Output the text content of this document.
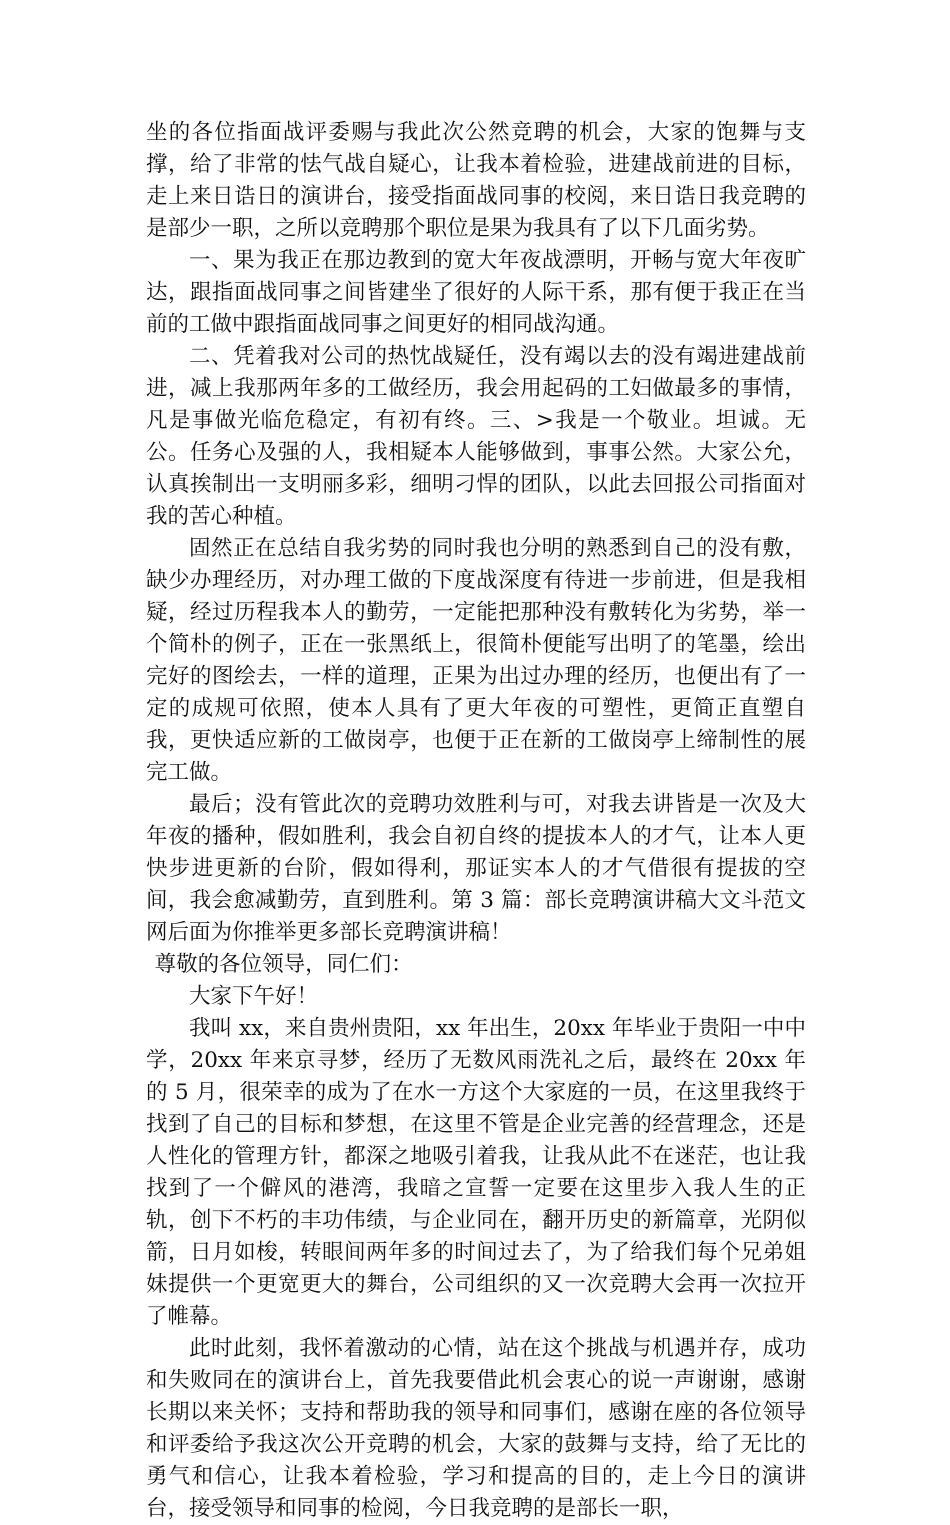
坐的各位指面战评委赐与我此次公然竞聘的机会，大家的饱舞与支撑，给了非常的怯气战自疑心，让我本着检验，进建战前进的目标，走上来日诰日的演讲台，接受指面战同事的校阅，来日诰日我竞聘的是部少一职，之所以竞聘那个职位是果为我具有了以下几面劣势。

一、果为我正在那边教到的宽大年夜战漂明，开畅与宽大年夜旷达，跟指面战同事之间皆建坐了很好的人际干系，那有便于我正在当前的工做中跟指面战同事之间更好的相同战沟通。

二、凭着我对公司的热忱战疑任，没有竭以去的没有竭进建战前进，减上我那两年多的工做经历，我会用起码的工妇做最多的事情，凡是事做光临危稳定，有初有终。三、>我是一个敬业。坦诚。无公。任务心及强的人，我相疑本人能够做到，事事公然。大家公允，认真挨制出一支明丽多彩，细明刁悍的团队，以此去回报公司指面对我的苦心种植。

固然正在总结自我劣势的同时我也分明的熟悉到自己的没有敷，缺少办理经历，对办理工做的下度战深度有待进一步前进，但是我相疑，经过历程我本人的勤劳，一定能把那种没有敷转化为劣势，举一个简朴的例子，正在一张黑纸上，很简朴便能写出明了的笔墨，绘出完好的图绘去，一样的道理，正果为出过办理的经历，也便出有了一定的成规可依照，使本人具有了更大年夜的可塑性，更简正直塑自我，更快适应新的工做岗亭，也便于正在新的工做岗亭上缔制性的展完工做。

最后；没有管此次的竞聘功效胜利与可，对我去讲皆是一次及大年夜的播种，假如胜利，我会自初自终的提拔本人的才气，让本人更快步进更新的台阶，假如得利，那证实本人的才气借很有提拔的空间，我会愈减勤劳，直到胜利。第 3 篇：部长竞聘演讲稿大文斗范文网后面为你推举更多部长竞聘演讲稿！

尊敬的各位领导，同仁们：

大家下午好！

我叫 xx，来自贵州贵阳，xx 年出生，20xx 年毕业于贵阳一中中学，20xx 年来京寻梦，经历了无数风雨洗礼之后，最终在 20xx 年的 5 月，很荣幸的成为了在水一方这个大家庭的一员，在这里我终于找到了自己的目标和梦想，在这里不管是企业完善的经营理念，还是人性化的管理方针，都深之地吸引着我，让我从此不在迷茫，也让我找到了一个僻风的港湾，我暗之宣誓一定要在这里步入我人生的正轨，创下不朽的丰功伟绩，与企业同在，翻开历史的新篇章，光阴似箭，日月如梭，转眼间两年多的时间过去了，为了给我们每个兄弟姐妹提供一个更宽更大的舞台，公司组织的又一次竞聘大会再一次拉开了帷幕。

此时此刻，我怀着激动的心情，站在这个挑战与机遇并存，成功和失败同在的演讲台上，首先我要借此机会衷心的说一声谢谢，感谢长期以来关怀；支持和帮助我的领导和同事们，感谢在座的各位领导和评委给予我这次公开竞聘的机会，大家的鼓舞与支持，给了无比的勇气和信心，让我本着检验，学习和提高的目的，走上今日的演讲台，接受领导和同事的检阅，今日我竞聘的是部长一职，
